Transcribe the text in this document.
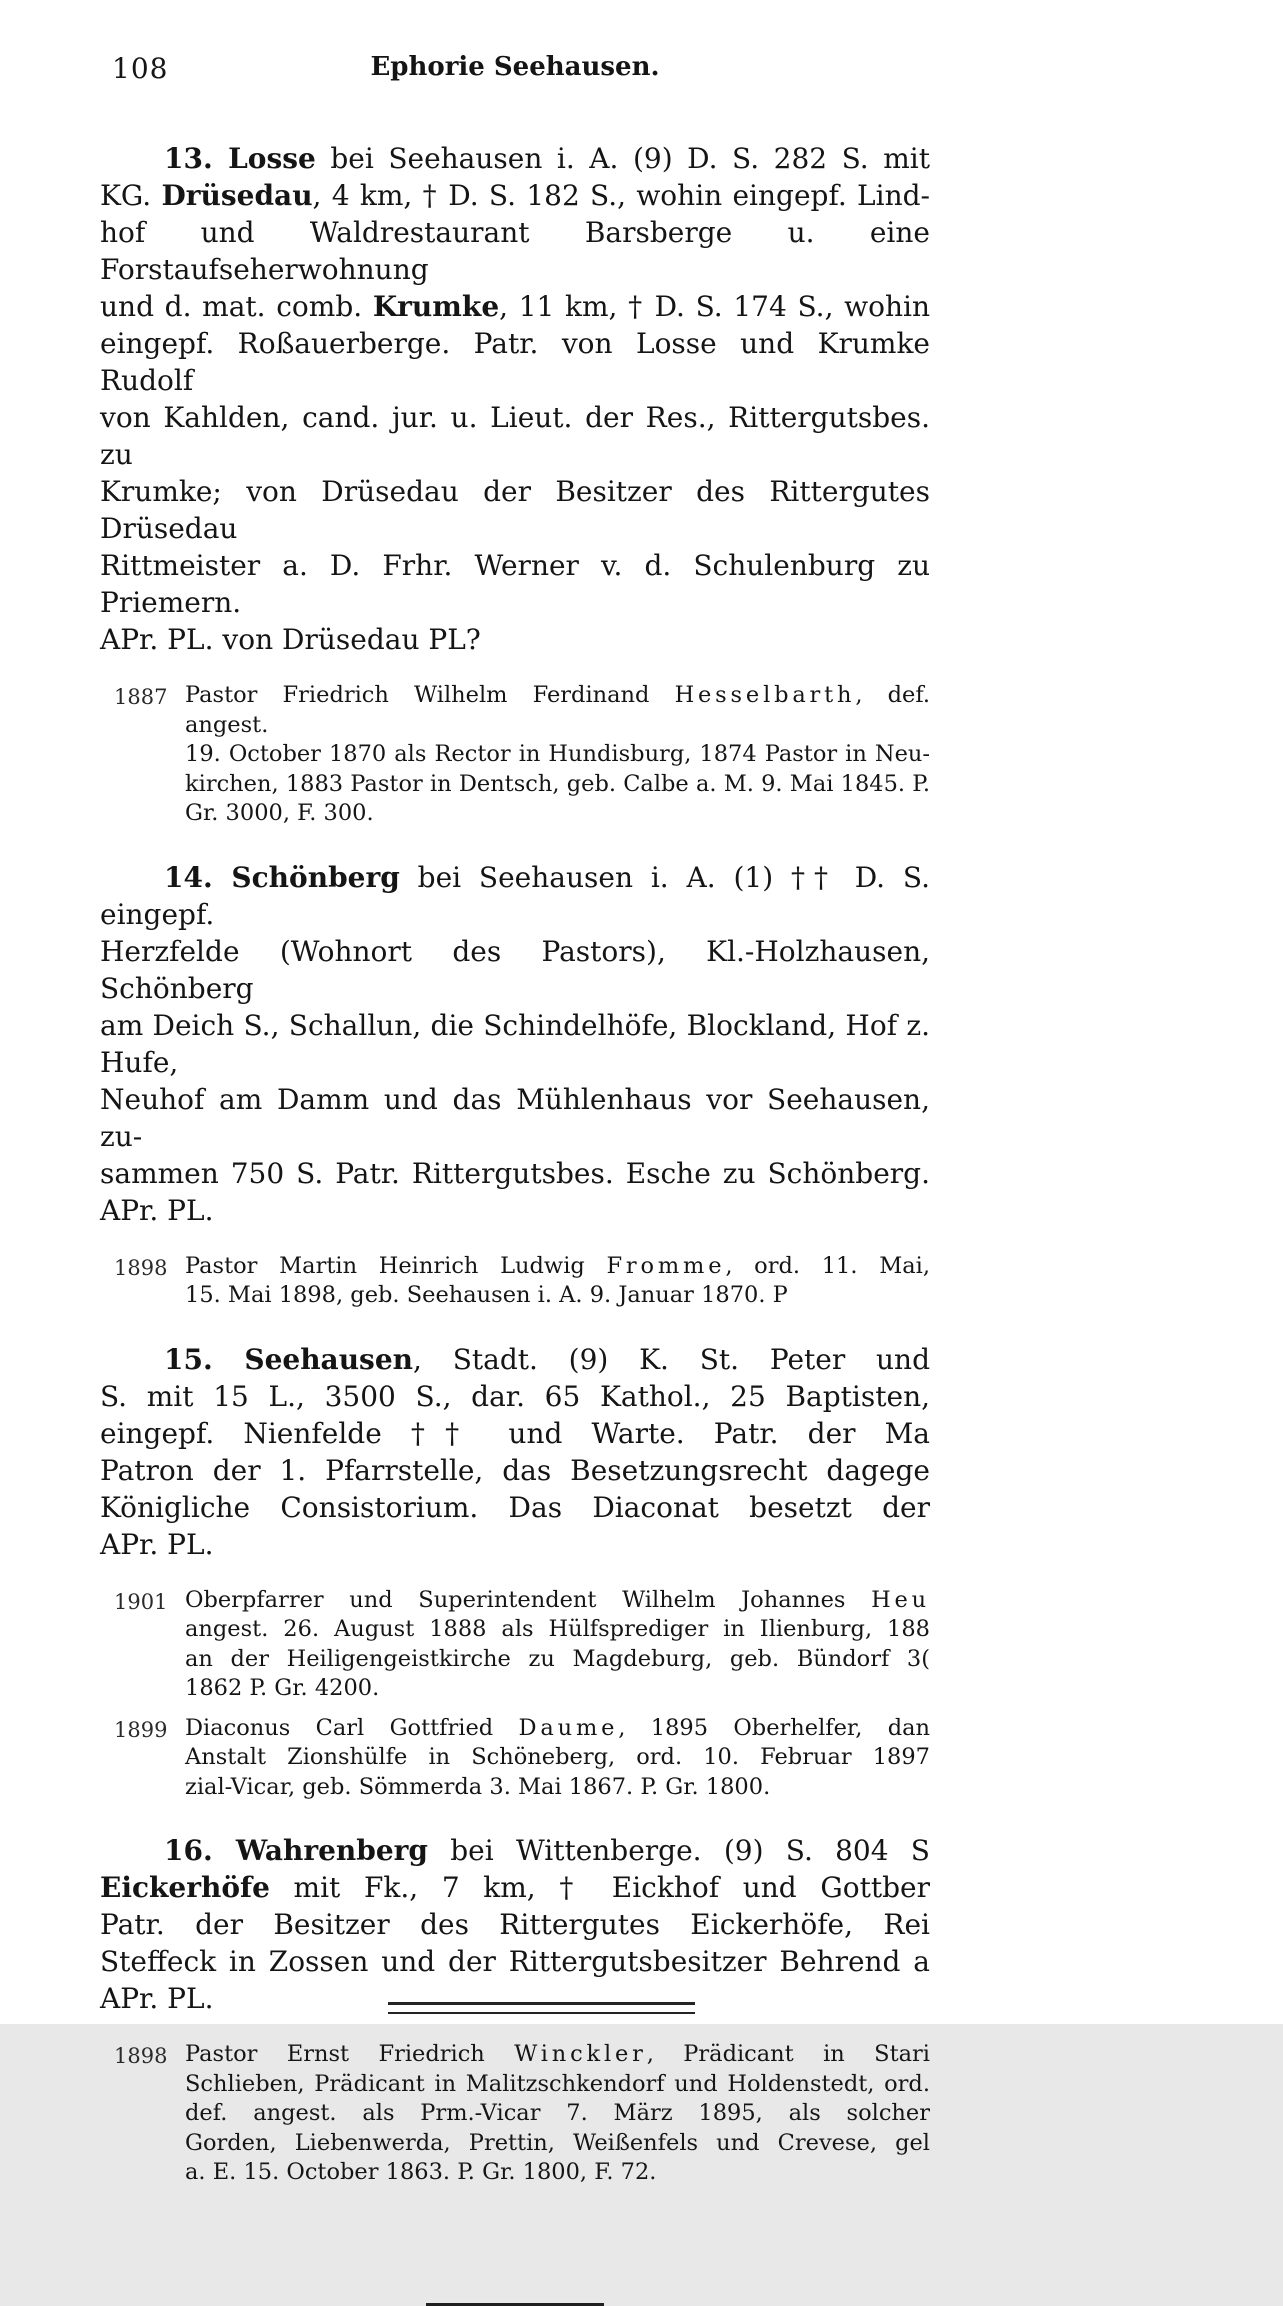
108	Ephorie Seehausen.
13. Losse bei Seehausen i. A. (9) D. S. 282 S. mit
KG. Drüsedau, 4 km, † D. S. 182 S., wohin eingepf. Lind-
hof und Waldrestaurant Barsberge u. eine Forstaufseherwohnung
und d. mat. comb. Krumke, 11 km, † D. S. 174 S., wohin
eingepf. Roßauerberge. Patr. von Losse und Krumke Rudolf
von Kahlden, cand. jur. u. Lieut. der Res., Rittergutsbes. zu
Krumke; von Drüsedau der Besitzer des Rittergutes Drüsedau
Rittmeister a. D. Frhr. Werner v. d. Schulenburg zu Priemern.
APr. PL. von Drüsedau PL?
1887 Pastor Friedrich Wilhelm Ferdinand Hesselbarth, def. angest.
19. October 1870 als Rector in Hundisburg, 1874 Pastor in Neu-
kirchen, 1883 Pastor in Dentsch, geb. Calbe a. M. 9. Mai 1845. P.
Gr. 3000, F. 300.
14. Schönberg bei Seehausen i. A. (1) †† D. S. eingepf.
Herzfelde (Wohnort des Pastors), Kl.-Holzhausen, Schönberg
am Deich S., Schallun, die Schindelhöfe, Blockland, Hof z. Hufe,
Neuhof am Damm und das Mühlenhaus vor Seehausen, zu-
sammen 750 S. Patr. Rittergutsbes. Esche zu Schönberg.
APr. PL.
1898 Pastor Martin Heinrich Ludwig Fromme, ord. 11. Mai,
15. Mai 1898, geb. Seehausen i. A. 9. Januar 1870. P
15. Seehausen, Stadt. (9) K. St. Peter und
S. mit 15 L., 3500 S., dar. 65 Kathol., 25 Baptisten,
eingepf. Nienfelde †† und Warte. Patr. der Ma
Patron der 1. Pfarrstelle, das Besetzungsrecht dagege
Königliche Consistorium. Das Diaconat besetzt der
APr. PL.
1901 Oberpfarrer und Superintendent Wilhelm Johannes Heu
angest. 26. August 1888 als Hülfsprediger in Ilienburg, 188
an der Heiligengeistkirche zu Magdeburg, geb. Bündorf 3(
1862 P. Gr. 4200.
1899 Diaconus Carl Gottfried Daume, 1895 Oberhelfer, dan
Anstalt Zionshülfe in Schöneberg, ord. 10. Februar 1897
zial-Vicar, geb. Sömmerda 3. Mai 1867. P. Gr. 1800.
16. Wahrenberg bei Wittenberge. (9) S. 804 S
Eickerhöfe mit Fk., 7 km, † Eickhof und Gottber
Patr. der Besitzer des Rittergutes Eickerhöfe, Rei
Steffeck in Zossen und der Rittergutsbesitzer Behrend a
APr. PL.
1898 Pastor Ernst Friedrich Winckler, Prädicant in Stari
Schlieben, Prädicant in Malitzschkendorf und Holdenstedt, ord.
def. angest. als Prm.-Vicar 7. März 1895, als solcher
Gorden, Liebenwerda, Prettin, Weißenfels und Crevese, gel
a. E. 15. October 1863. P. Gr. 1800, F. 72.
